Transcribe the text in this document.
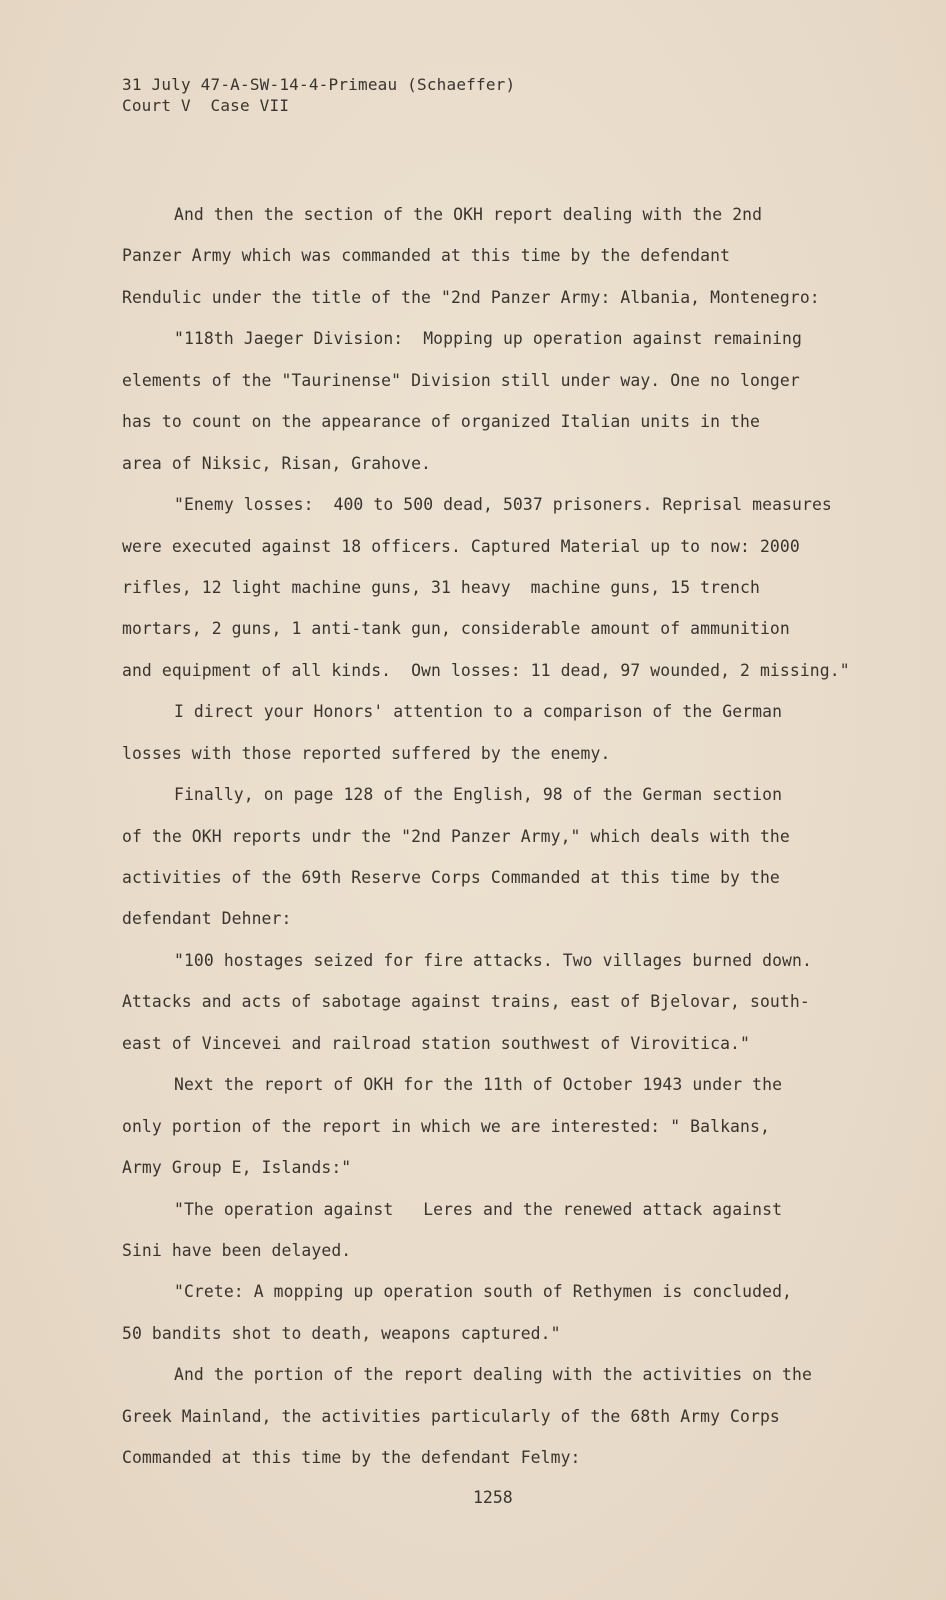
31 July 47-A-SW-14-4-Primeau (Schaeffer)
Court V  Case VII
And then the section of the OKH report dealing with the 2nd
Panzer Army which was commanded at this time by the defendant
Rendulic under the title of the "2nd Panzer Army: Albania, Montenegro:
"118th Jaeger Division:  Mopping up operation against remaining
elements of the "Taurinense" Division still under way. One no longer
has to count on the appearance of organized Italian units in the
area of Niksic, Risan, Grahove.
"Enemy losses:  400 to 500 dead, 5037 prisoners. Reprisal measures
were executed against 18 officers. Captured Material up to now: 2000
rifles, 12 light machine guns, 31 heavy  machine guns, 15 trench
mortars, 2 guns, 1 anti-tank gun, considerable amount of ammunition
and equipment of all kinds.  Own losses: 11 dead, 97 wounded, 2 missing."
I direct your Honors' attention to a comparison of the German
losses with those reported suffered by the enemy.
Finally, on page 128 of the English, 98 of the German section
of the OKH reports undr the "2nd Panzer Army," which deals with the
activities of the 69th Reserve Corps Commanded at this time by the
defendant Dehner:
"100 hostages seized for fire attacks. Two villages burned down.
Attacks and acts of sabotage against trains, east of Bjelovar, south-
east of Vincevei and railroad station southwest of Virovitica."
Next the report of OKH for the 11th of October 1943 under the
only portion of the report in which we are interested: " Balkans,
Army Group E, Islands:"
"The operation against   Leres and the renewed attack against
Sini have been delayed.
"Crete: A mopping up operation south of Rethymen is concluded,
50 bandits shot to death, weapons captured."
And the portion of the report dealing with the activities on the
Greek Mainland, the activities particularly of the 68th Army Corps
Commanded at this time by the defendant Felmy:
1258
